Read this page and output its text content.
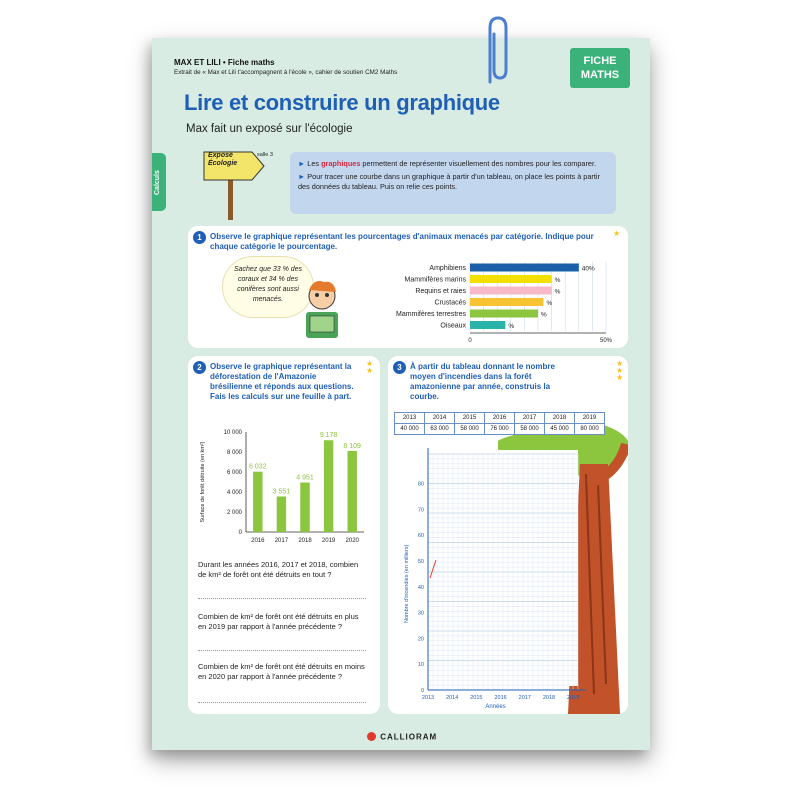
MAX ET LILI • Fiche maths
Extrait de « Max et Lili t'accompagnent à l'école », cahier de soutien CM2 Maths
FICHE
MATHS
Lire et construire un graphique
Max fait un exposé sur l'écologie
Calculs
Exposé
Écologie
salle 3

► Les graphiques permettent de représenter visuellement des nombres pour les comparer.

► Pour tracer une courbe dans un graphique à partir d'un tableau, on place les points à partir des données du tableau. Puis on relie ces points.

1	Observe le graphique représentant les pourcentages d'animaux menacés par catégorie. Indique pour chaque catégorie le pourcentage.
★
Sachez que 33 % des coraux et 34 % des conifères sont aussi menacés.
Amphibiens	40%
Mammifères marins	%
Requins et raies	%
Crustacés	%
Mammifères terrestres	%
Oiseaux	%
0	50%
2	Observe le graphique représentant la déforestation de l'Amazonie brésilienne et réponds aux questions. Fais les calculs sur une feuille à part.
★
★
Surface de forêt détruite (en km²)
10 000
8 000
6 000
4 000
2 000
0
6 032
2016
3 551
2017
4 951
2018
9 178
2019
8 109
2020
Durant les années 2016, 2017 et 2018, combien de km² de forêt ont été détruits en tout ?
Combien de km² de forêt ont été détruits en plus en 2019 par rapport à l'année précédente ?
Combien de km² de forêt ont été détruits en moins en 2020 par rapport à l'année précédente ?
3	À partir du tableau donnant le nombre moyen d'incendies dans la forêt amazonienne par année, construis la courbe.
★
★
★
2013	2014	2015	2016	2017	2018	2019
40 000	63 000	58 000	76 000	58 000	45 000	80 000
80
70
60
50
40
30
20
10
0
Nombre d'incendies (en milliers)
2013 2014 2015 2016 2017 2018 2019
Années
CALLIORAM
